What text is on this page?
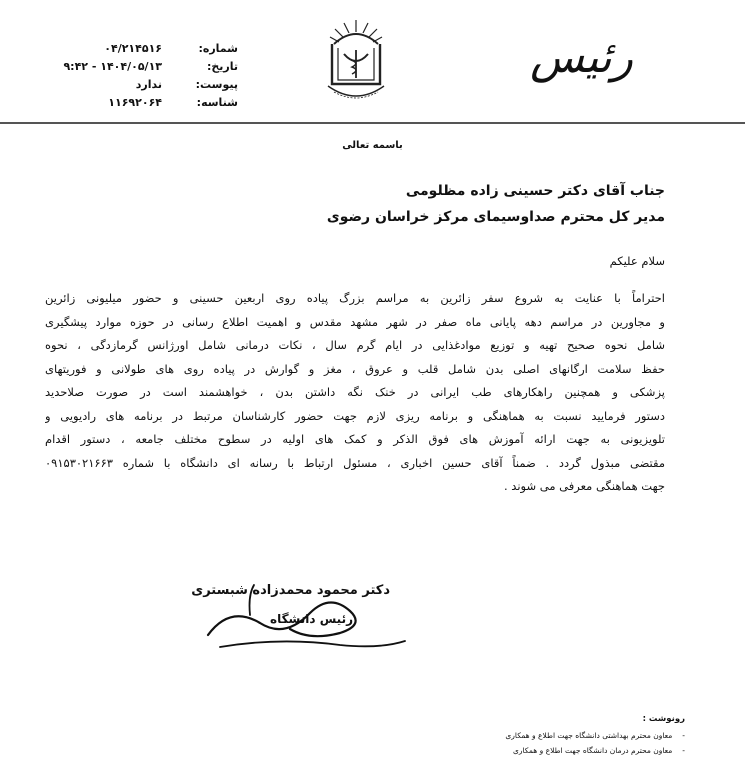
رئیس
شماره:
تاریخ:
پیوست:
شناسه:
۰۴/۲۱۴۵۱۶
۱۴۰۴/۰۵/۱۳ - ۹:۴۲
ندارد
۱۱۶۹۲۰۶۴
باسمه تعالی
جناب آقای دکتر حسینی زاده مظلومی
مدیر کل محترم صداوسیمای مرکز خراسان رضوی
سلام علیکم
احتراماً با عنایت به شروع سفر زائرین به مراسم بزرگ پیاده روی اربعین حسینی و حضور میلیونی زائرین
و مجاورین در مراسم دهه پایانی ماه صفر در شهر مشهد مقدس و اهمیت اطلاع رسانی در حوزه موارد پیشگیری
شامل نحوه صحیح تهیه و توزیع موادغذایی در ایام گرم سال ، نکات درمانی شامل اورژانس گرمازدگی ، نحوه
حفظ سلامت ارگانهای اصلی بدن شامل قلب و عروق ، مغز و گوارش در پیاده روی های طولانی و فوریتهای
پزشکی و همچنین راهکارهای طب ایرانی در خنک نگه داشتن بدن ، خواهشمند است در صورت صلاحدید
دستور فرمایید نسبت به هماهنگی و برنامه ریزی لازم جهت حضور کارشناسان مرتبط در برنامه های رادیویی و
تلویزیونی به جهت ارائه آموزش های فوق الذکر و کمک های اولیه در سطوح مختلف جامعه ، دستور اقدام
مقتضی مبذول گردد . ضمناً آقای حسین اخباری ، مسئول ارتباط با رسانه ای دانشگاه با شماره ۰۹۱۵۳۰۲۱۶۶۳
جهت هماهنگی معرفی می شوند .
دکتر محمود محمدزاده شبستری
رئیس دانشگاه
رونوشت :
-معاون محترم بهداشتی دانشگاه جهت اطلاع و همکاری
-معاون محترم درمان دانشگاه جهت اطلاع و همکاری
